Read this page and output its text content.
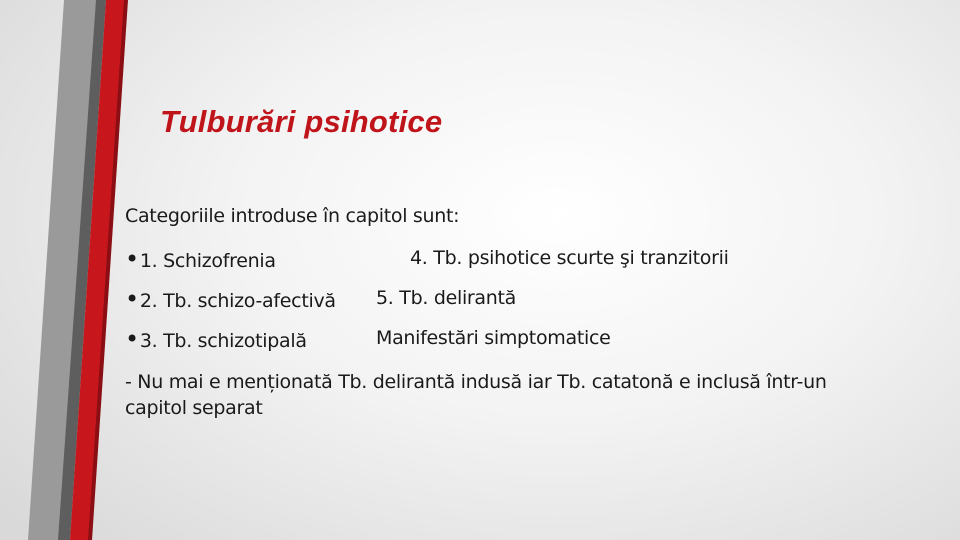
Tulburări psihotice
Categoriile introduse în capitol sunt:
•1. Schizofrenia
•2. Tb. schizo-afectivă
•3. Tb. schizotipală
4. Tb. psihotice scurte şi tranzitorii
5. Tb. delirantă
Manifestări simptomatice
- Nu mai e menționată Tb. delirantă indusă iar Tb. catatonă e inclusă într-un
capitol separat
